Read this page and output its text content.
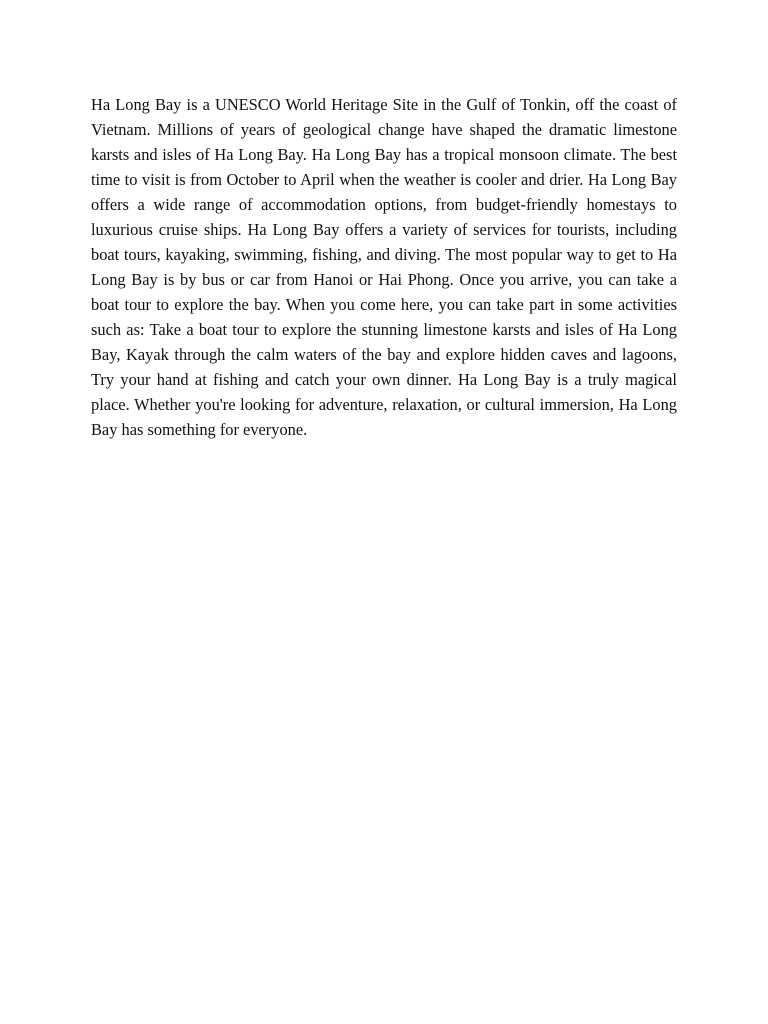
Ha Long Bay is a UNESCO World Heritage Site in the Gulf of Tonkin, off the coast of Vietnam. Millions of years of geological change have shaped the dramatic limestone karsts and isles of Ha Long Bay. Ha Long Bay has a tropical monsoon climate. The best time to visit is from October to April when the weather is cooler and drier. Ha Long Bay offers a wide range of accommodation options, from budget-friendly homestays to luxurious cruise ships. Ha Long Bay offers a variety of services for tourists, including boat tours, kayaking, swimming, fishing, and diving. The most popular way to get to Ha Long Bay is by bus or car from Hanoi or Hai Phong. Once you arrive, you can take a boat tour to explore the bay. When you come here, you can take part in some activities such as: Take a boat tour to explore the stunning limestone karsts and isles of Ha Long Bay, Kayak through the calm waters of the bay and explore hidden caves and lagoons, Try your hand at fishing and catch your own dinner. Ha Long Bay is a truly magical place. Whether you're looking for adventure, relaxation, or cultural immersion, Ha Long Bay has something for everyone.
